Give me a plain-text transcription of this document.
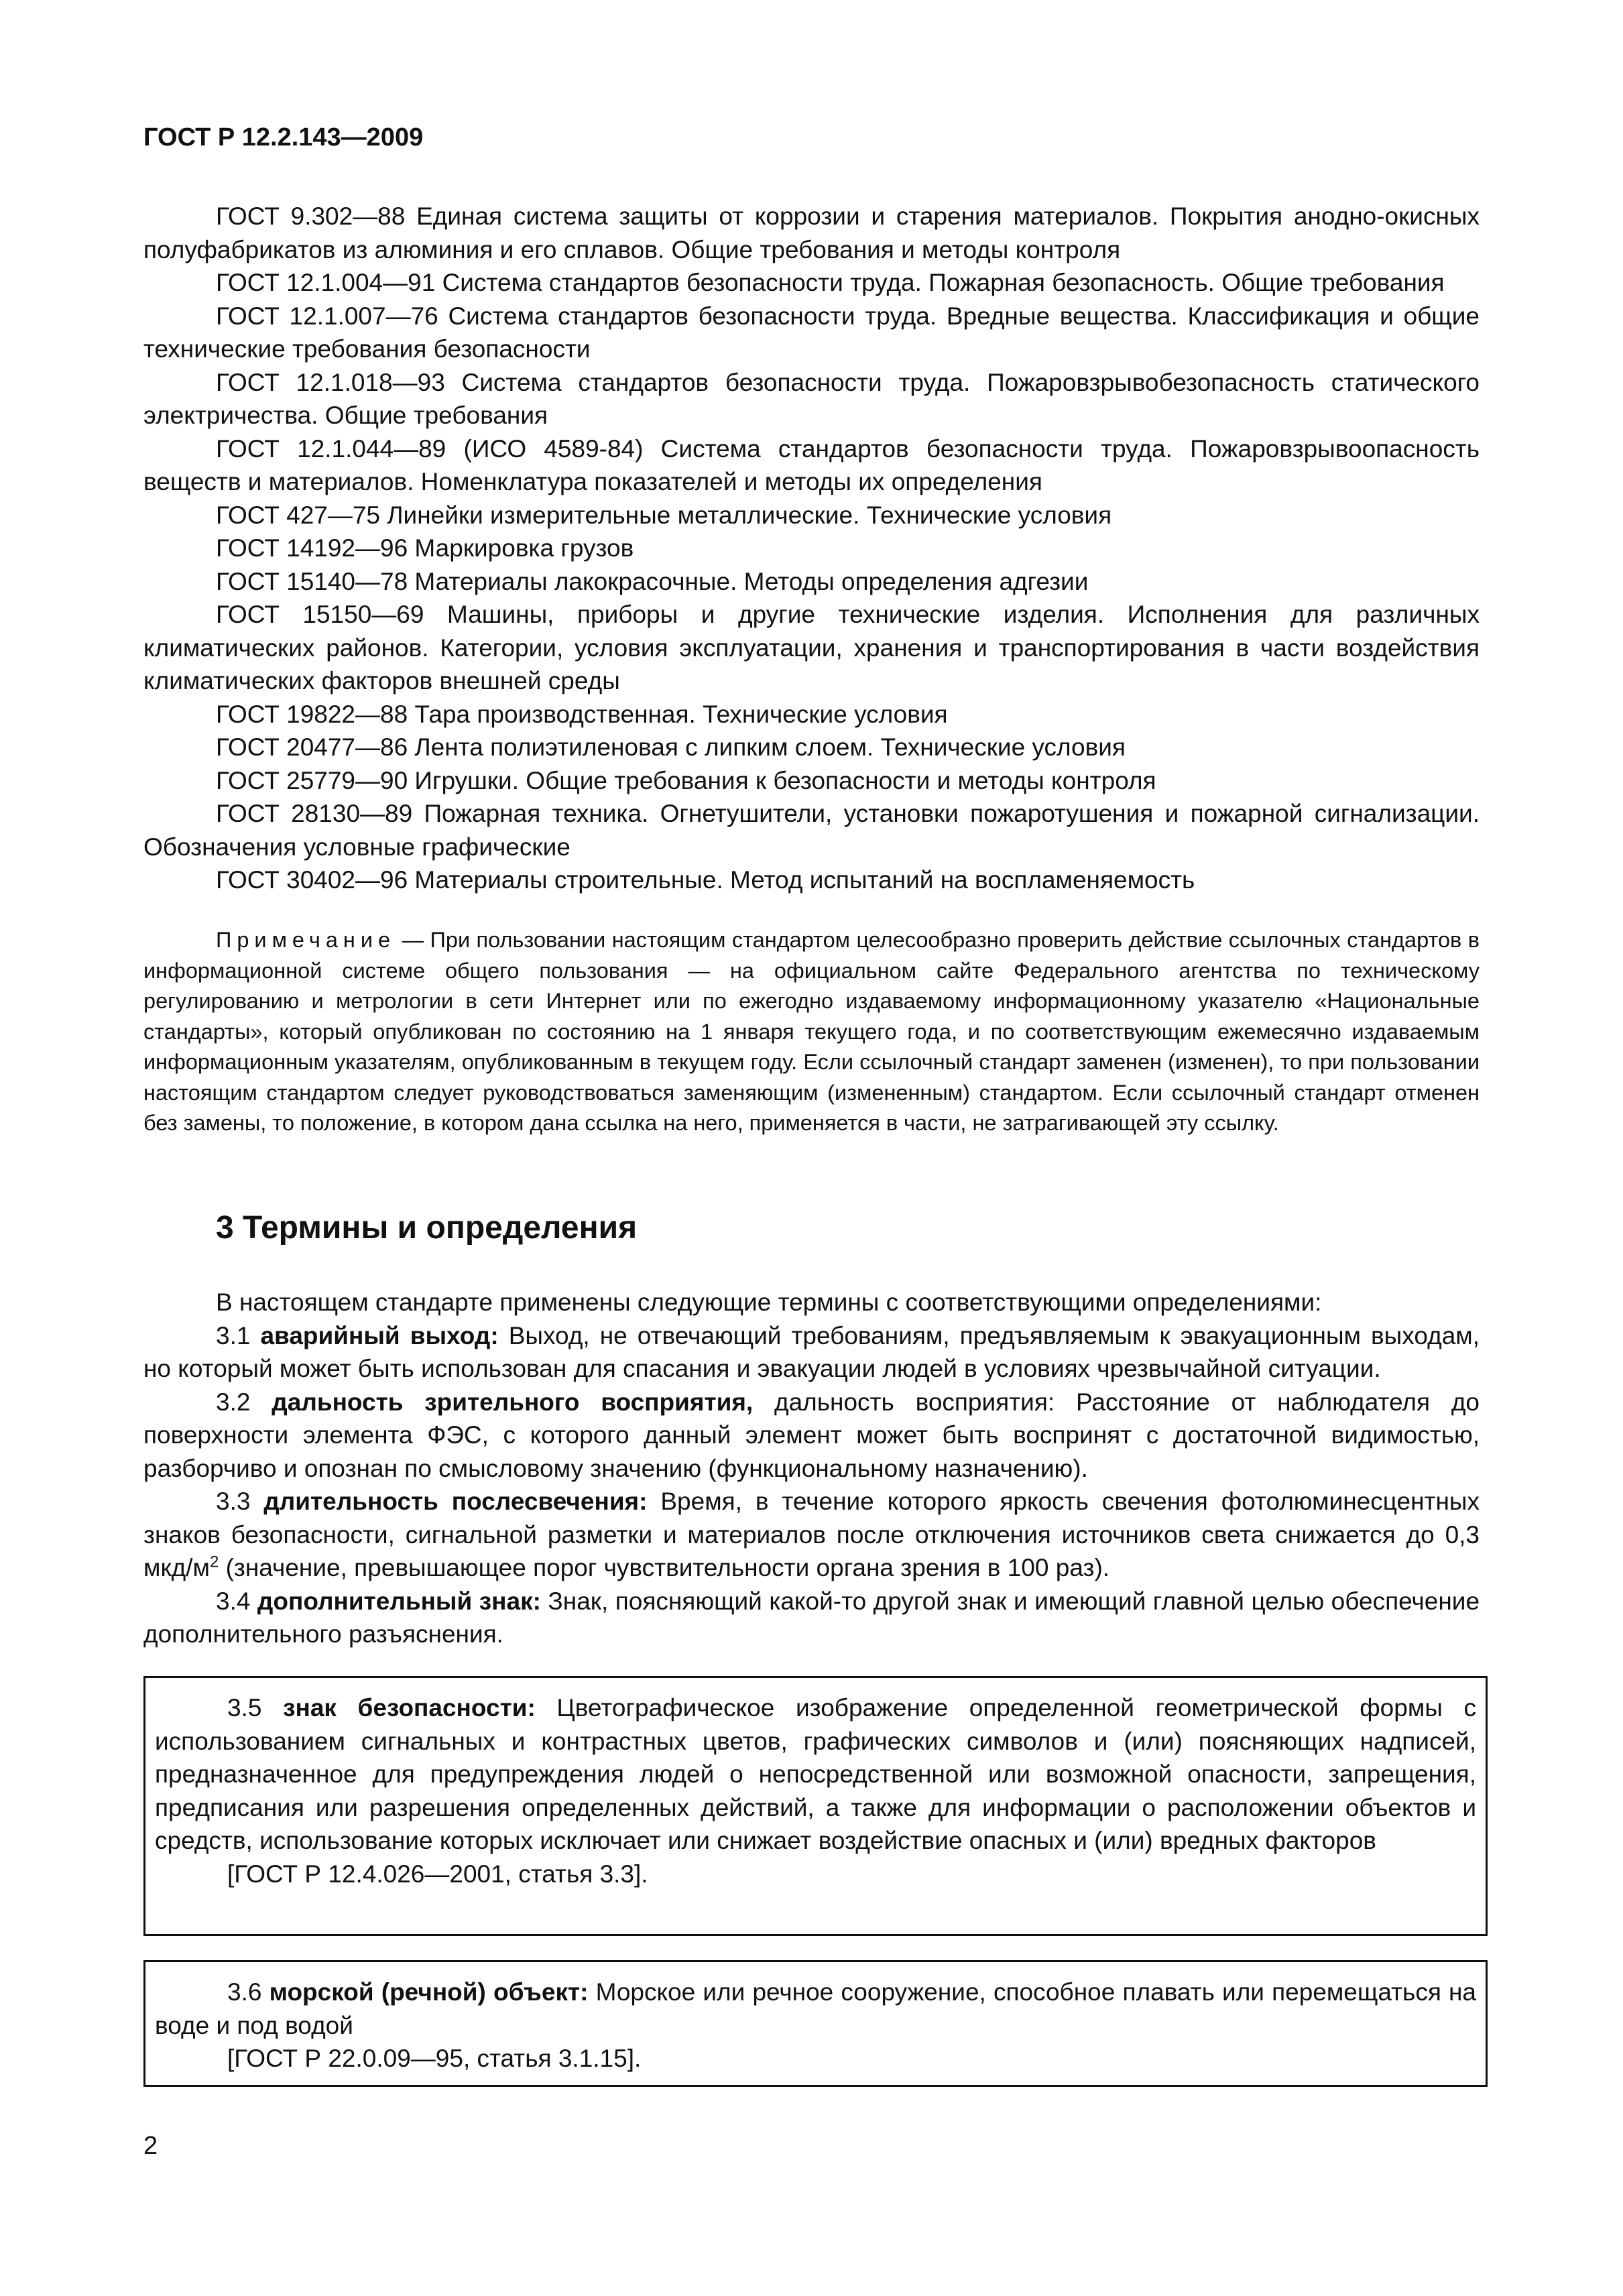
ГОСТ Р 12.2.143—2009

ГОСТ 9.302—88 Единая система защиты от коррозии и старения материалов. Покрытия анодно-окисных полуфабрикатов из алюминия и его сплавов. Общие требования и методы контроля

ГОСТ 12.1.004—91 Система стандартов безопасности труда. Пожарная безопасность. Общие требования

ГОСТ 12.1.007—76 Система стандартов безопасности труда. Вредные вещества. Классификация и общие технические требования безопасности

ГОСТ 12.1.018—93 Система стандартов безопасности труда. Пожаровзрывобезопасность статического электричества. Общие требования

ГОСТ 12.1.044—89 (ИСО 4589-84) Система стандартов безопасности труда. Пожаровзрывоопасность веществ и материалов. Номенклатура показателей и методы их определения

ГОСТ 427—75 Линейки измерительные металлические. Технические условия

ГОСТ 14192—96 Маркировка грузов

ГОСТ 15140—78 Материалы лакокрасочные. Методы определения адгезии

ГОСТ 15150—69 Машины, приборы и другие технические изделия. Исполнения для различных климатических районов. Категории, условия эксплуатации, хранения и транспортирования в части воздействия климатических факторов внешней среды

ГОСТ 19822—88 Тара производственная. Технические условия

ГОСТ 20477—86 Лента полиэтиленовая с липким слоем. Технические условия

ГОСТ 25779—90 Игрушки. Общие требования к безопасности и методы контроля

ГОСТ 28130—89 Пожарная техника. Огнетушители, установки пожаротушения и пожарной сигнализации. Обозначения условные графические

ГОСТ 30402—96 Материалы строительные. Метод испытаний на воспламеняемость

Примечание — При пользовании настоящим стандартом целесообразно проверить действие ссылочных стандартов в информационной системе общего пользования — на официальном сайте Федерального агентства по техническому регулированию и метрологии в сети Интернет или по ежегодно издаваемому информационному указателю «Национальные стандарты», который опубликован по состоянию на 1 января текущего года, и по соответствующим ежемесячно издаваемым информационным указателям, опубликованным в текущем году. Если ссылочный стандарт заменен (изменен), то при пользовании настоящим стандартом следует руководствоваться заменяющим (измененным) стандартом. Если ссылочный стандарт отменен без замены, то положение, в котором дана ссылка на него, применяется в части, не затрагивающей эту ссылку.

3 Термины и определения

В настоящем стандарте применены следующие термины с соответствующими определениями:

3.1 аварийный выход: Выход, не отвечающий требованиям, предъявляемым к эвакуационным выходам, но который может быть использован для спасания и эвакуации людей в условиях чрезвычайной ситуации.

3.2 дальность зрительного восприятия, дальность восприятия: Расстояние от наблюдателя до поверхности элемента ФЭС, с которого данный элемент может быть воспринят с достаточной видимостью, разборчиво и опознан по смысловому значению (функциональному назначению).

3.3 длительность послесвечения: Время, в течение которого яркость свечения фотолюминесцентных знаков безопасности, сигнальной разметки и материалов после отключения источников света снижается до 0,3 мкд/$м^2$ (значение, превышающее порог чувствительности органа зрения в 100 раз).

3.4 дополнительный знак: Знак, поясняющий какой-то другой знак и имеющий главной целью обеспечение дополнительного разъяснения.

3.5 знак безопасности: Цветографическое изображение определенной геометрической формы с использованием сигнальных и контрастных цветов, графических символов и (или) поясняющих надписей, предназначенное для предупреждения людей о непосредственной или возможной опасности, запрещения, предписания или разрешения определенных действий, а также для информации о расположении объектов и средств, использование которых исключает или снижает воздействие опасных и (или) вредных факторов

[ГОСТ Р 12.4.026—2001, статья 3.3].

3.6 морской (речной) объект: Морское или речное сооружение, способное плавать или перемещаться на воде и под водой

[ГОСТ Р 22.0.09—95, статья 3.1.15].

2
